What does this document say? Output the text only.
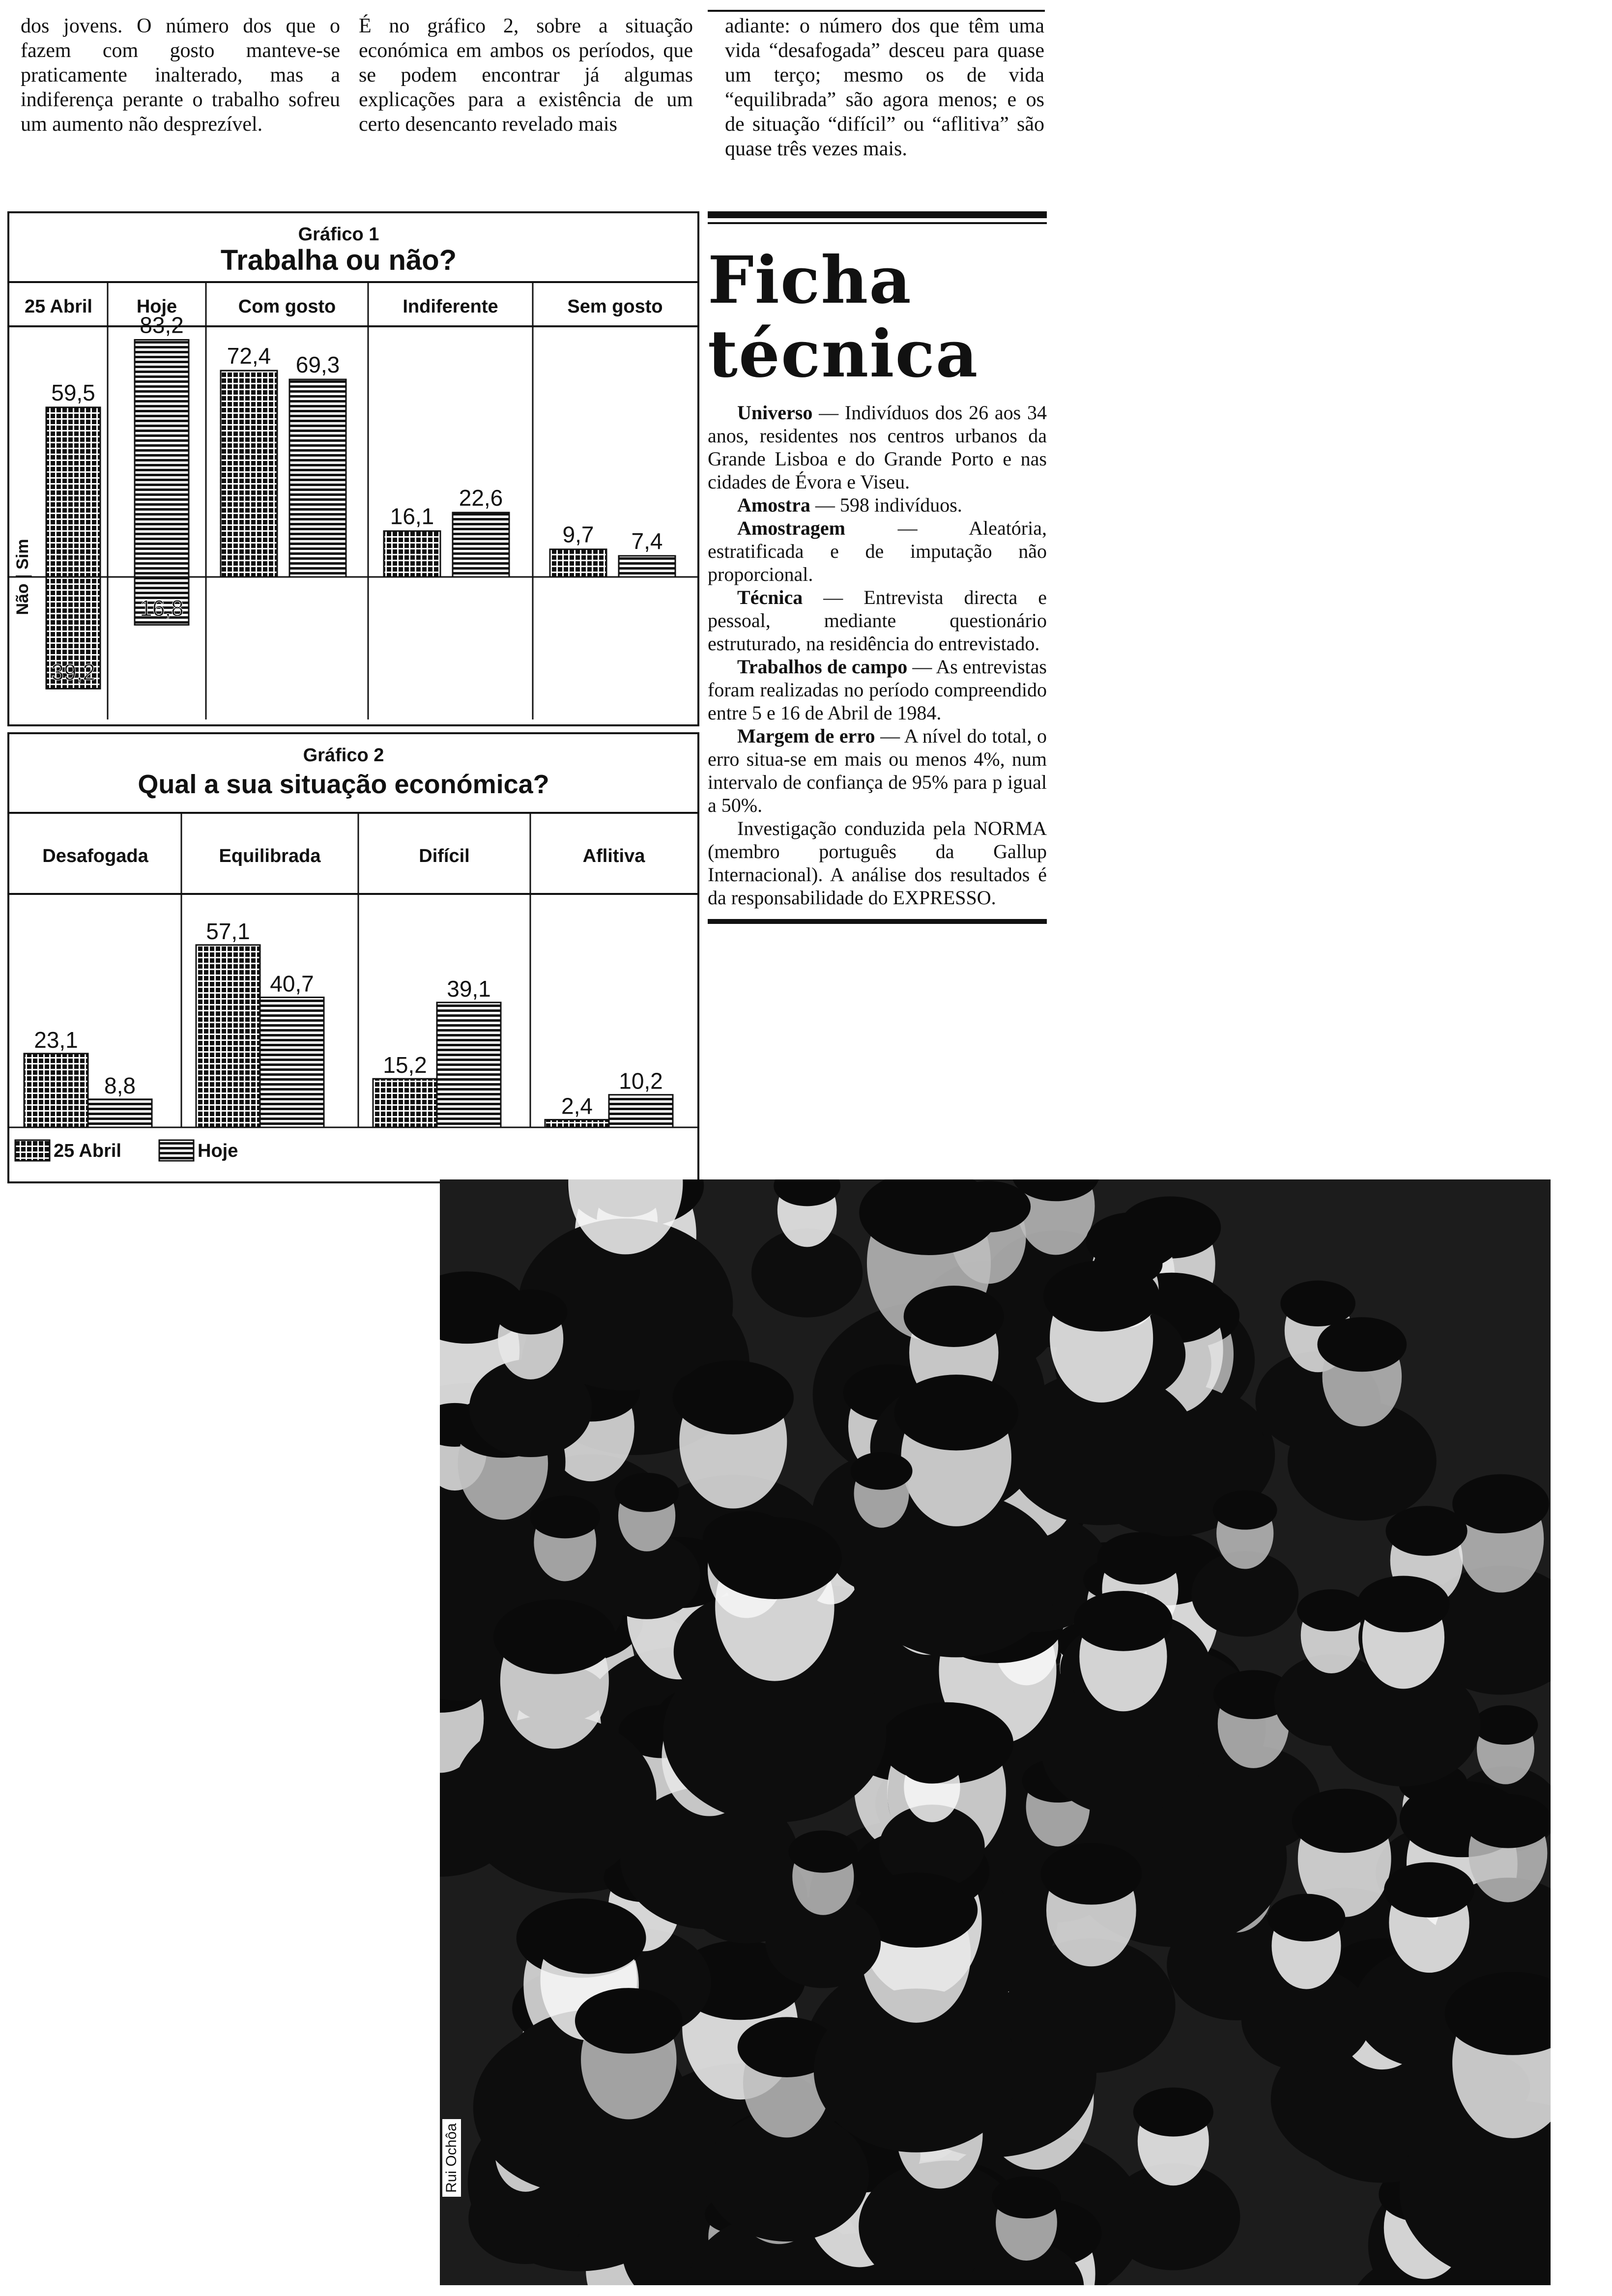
dos jovens. O número dos que o fazem com gosto manteve-se praticamente inalterado, mas a indiferença perante o trabalho sofreu um aumento não desprezível.

É no gráfico 2, sobre a situação económica em ambos os períodos, que se podem encontrar já algumas explicações para a existência de um certo desencanto revelado mais

adiante: o número dos que têm uma vida “desafogada” desceu para quase um terço; mesmo os de vida “equilibrada” são agora menos; e os de situação “difícil” ou “aflitiva” são quase três vezes mais.

Gráfico 1
Trabalha ou não?
25 Abril Hoje	Com gosto	Indiferente	Sem gosto
Não | Sim
59,5
39,2
83,2
16,8
72,4
16,1
9,7
69,3
22,6
7,4
Gráfico 2
Qual a sua situação económica?
Desafogada	Equilibrada	Difícil	Aflitiva
23,1
57,1
15,2
2,4
8,8
40,7	39,1
10,2
25 Abril	Hoje
Ficha
técnica

Universo — Indivíduos dos 26 aos 34 anos, residentes nos centros urbanos da Grande Lisboa e do Grande Porto e nas cidades de Évora e Viseu.

Amostra — 598 indivíduos.

Amostragem — Aleatória, estratificada e de imputação não proporcional.

Técnica — Entrevista directa e pessoal, mediante questionário estruturado, na residência do entrevistado.

Trabalhos de campo — As entrevistas foram realizadas no período compreendido entre 5 e 16 de Abril de 1984.

Margem de erro — A nível do total, o erro situa-se em mais ou menos 4%, num intervalo de confiança de 95% para p igual a 50%.

Investigação conduzida pela NORMA (membro português da Gallup Internacional). A análise dos resultados é da responsabilidade do EXPRESSO.

Rui Ochôa
